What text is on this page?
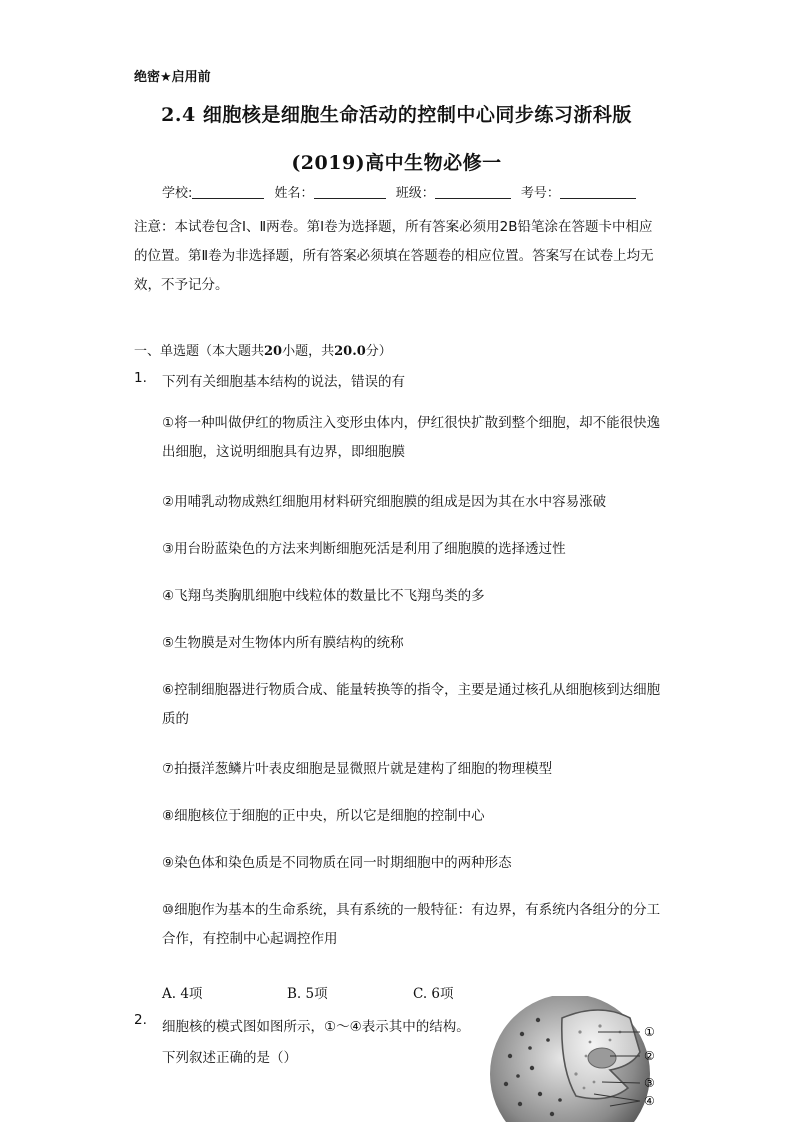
绝密★启用前
2.4 细胞核是细胞生命活动的控制中心同步练习浙科版
(2019)高中生物必修一
学校:	姓名：	班级：	考号：
注意：本试卷包含Ⅰ、Ⅱ两卷。第Ⅰ卷为选择题，所有答案必须用2B铅笔涂在答题卡中相应的位置。第Ⅱ卷为非选择题，所有答案必须填在答题卷的相应位置。答案写在试卷上均无效，不予记分。
一、单选题（本大题共20小题，共20.0分）
1. 下列有关细胞基本结构的说法，错误的有
①将一种叫做伊红的物质注入变形虫体内，伊红很快扩散到整个细胞，却不能很快逸出细胞，这说明细胞具有边界，即细胞膜
②用哺乳动物成熟红细胞用材料研究细胞膜的组成是因为其在水中容易涨破
③用台盼蓝染色的方法来判断细胞死活是利用了细胞膜的选择透过性
④飞翔鸟类胸肌细胞中线粒体的数量比不飞翔鸟类的多
⑤生物膜是对生物体内所有膜结构的统称
⑥控制细胞器进行物质合成、能量转换等的指令，主要是通过核孔从细胞核到达细胞质的
⑦拍摄洋葱鳞片叶表皮细胞是显微照片就是建构了细胞的物理模型
⑧细胞核位于细胞的正中央，所以它是细胞的控制中心
⑨染色体和染色质是不同物质在同一时期细胞中的两种形态
⑩细胞作为基本的生命系统，具有系统的一般特征：有边界，有系统内各组分的分工合作，有控制中心起调控作用
A. 4项	B. 5项	C. 6项
2. 细胞核的模式图如图所示，①～④表示其中的结构。下列叙述正确的是（）
①
②
③
④
